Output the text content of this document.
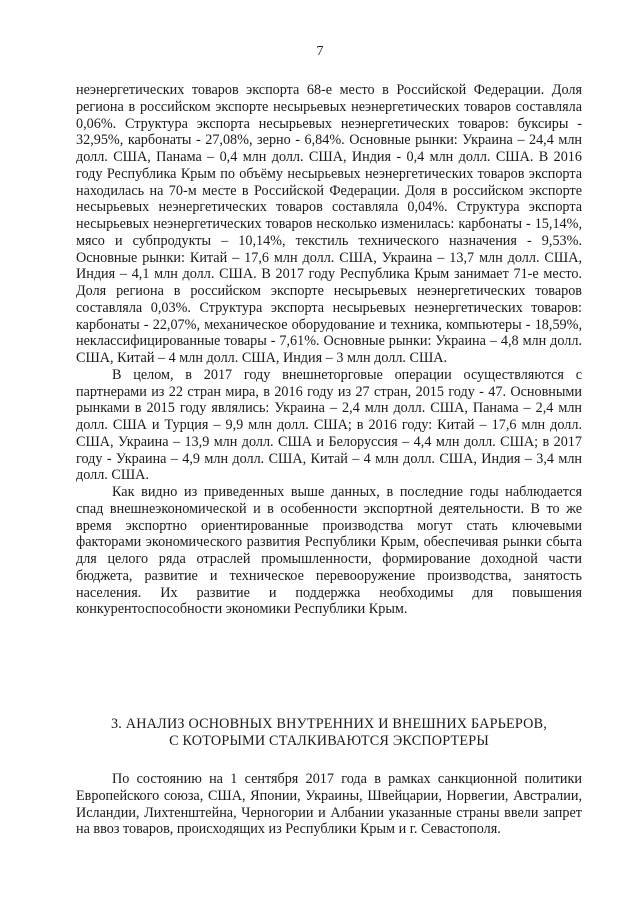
7

неэнергетических товаров экспорта 68-е место в Российской Федерации. Доля региона в российском экспорте несырьевых неэнергетических товаров составляла 0,06%. Структура экспорта несырьевых неэнергетических товаров: буксиры - 32,95%, карбонаты - 27,08%, зерно - 6,84%. Основные рынки: Украина – 24,4 млн долл. США, Панама – 0,4 млн долл. США, Индия - 0,4 млн долл. США. В 2016 году Республика Крым по объёму несырьевых неэнергетических товаров экспорта находилась на 70-м месте в Российской Федерации. Доля в российском экспорте несырьевых неэнергетических товаров составляла 0,04%. Структура экспорта несырьевых неэнергетических товаров несколько изменилась: карбонаты - 15,14%, мясо и субпродукты – 10,14%, текстиль технического назначения - 9,53%. Основные рынки: Китай – 17,6 млн долл. США, Украина – 13,7 млн долл. США, Индия – 4,1 млн долл. США. В 2017 году Республика Крым занимает 71-е место. Доля региона в российском экспорте несырьевых неэнергетических товаров составляла 0,03%. Структура экспорта несырьевых неэнергетических товаров: карбонаты - 22,07%, механическое оборудование и техника, компьютеры - 18,59%, неклассифицированные товары - 7,61%. Основные рынки: Украина – 4,8 млн долл. США, Китай – 4 млн долл. США, Индия – 3 млн долл. США.

В целом, в 2017 году внешнеторговые операции осуществляются с партнерами из 22 стран мира, в 2016 году из 27 стран, 2015 году - 47. Основными рынками в 2015 году являлись: Украина – 2,4 млн долл. США, Панама – 2,4 млн долл. США и Турция – 9,9 млн долл. США; в 2016 году: Китай – 17,6 млн долл. США, Украина – 13,9 млн долл. США и Белоруссия – 4,4 млн долл. США; в 2017 году - Украина – 4,9 млн долл. США, Китай – 4 млн долл. США, Индия – 3,4 млн долл. США.

Как видно из приведенных выше данных, в последние годы наблюдается спад внешнеэкономической и в особенности экспортной деятельности. В то же время экспортно ориентированные производства могут стать ключевыми факторами экономического развития Республики Крым, обеспечивая рынки сбыта для целого ряда отраслей промышленности, формирование доходной части бюджета, развитие и техническое перевооружение производства, занятость населения. Их развитие и поддержка необходимы для повышения конкурентоспособности экономики Республики Крым.

3. АНАЛИЗ ОСНОВНЫХ ВНУТРЕННИХ И ВНЕШНИХ БАРЬЕРОВ,
С КОТОРЫМИ СТАЛКИВАЮТСЯ ЭКСПОРТЕРЫ

По состоянию на 1 сентября 2017 года в рамках санкционной политики Европейского союза, США, Японии, Украины, Швейцарии, Норвегии, Австралии, Исландии, Лихтенштейна, Черногории и Албании указанные страны ввели запрет на ввоз товаров, происходящих из Республики Крым и г. Севастополя.
